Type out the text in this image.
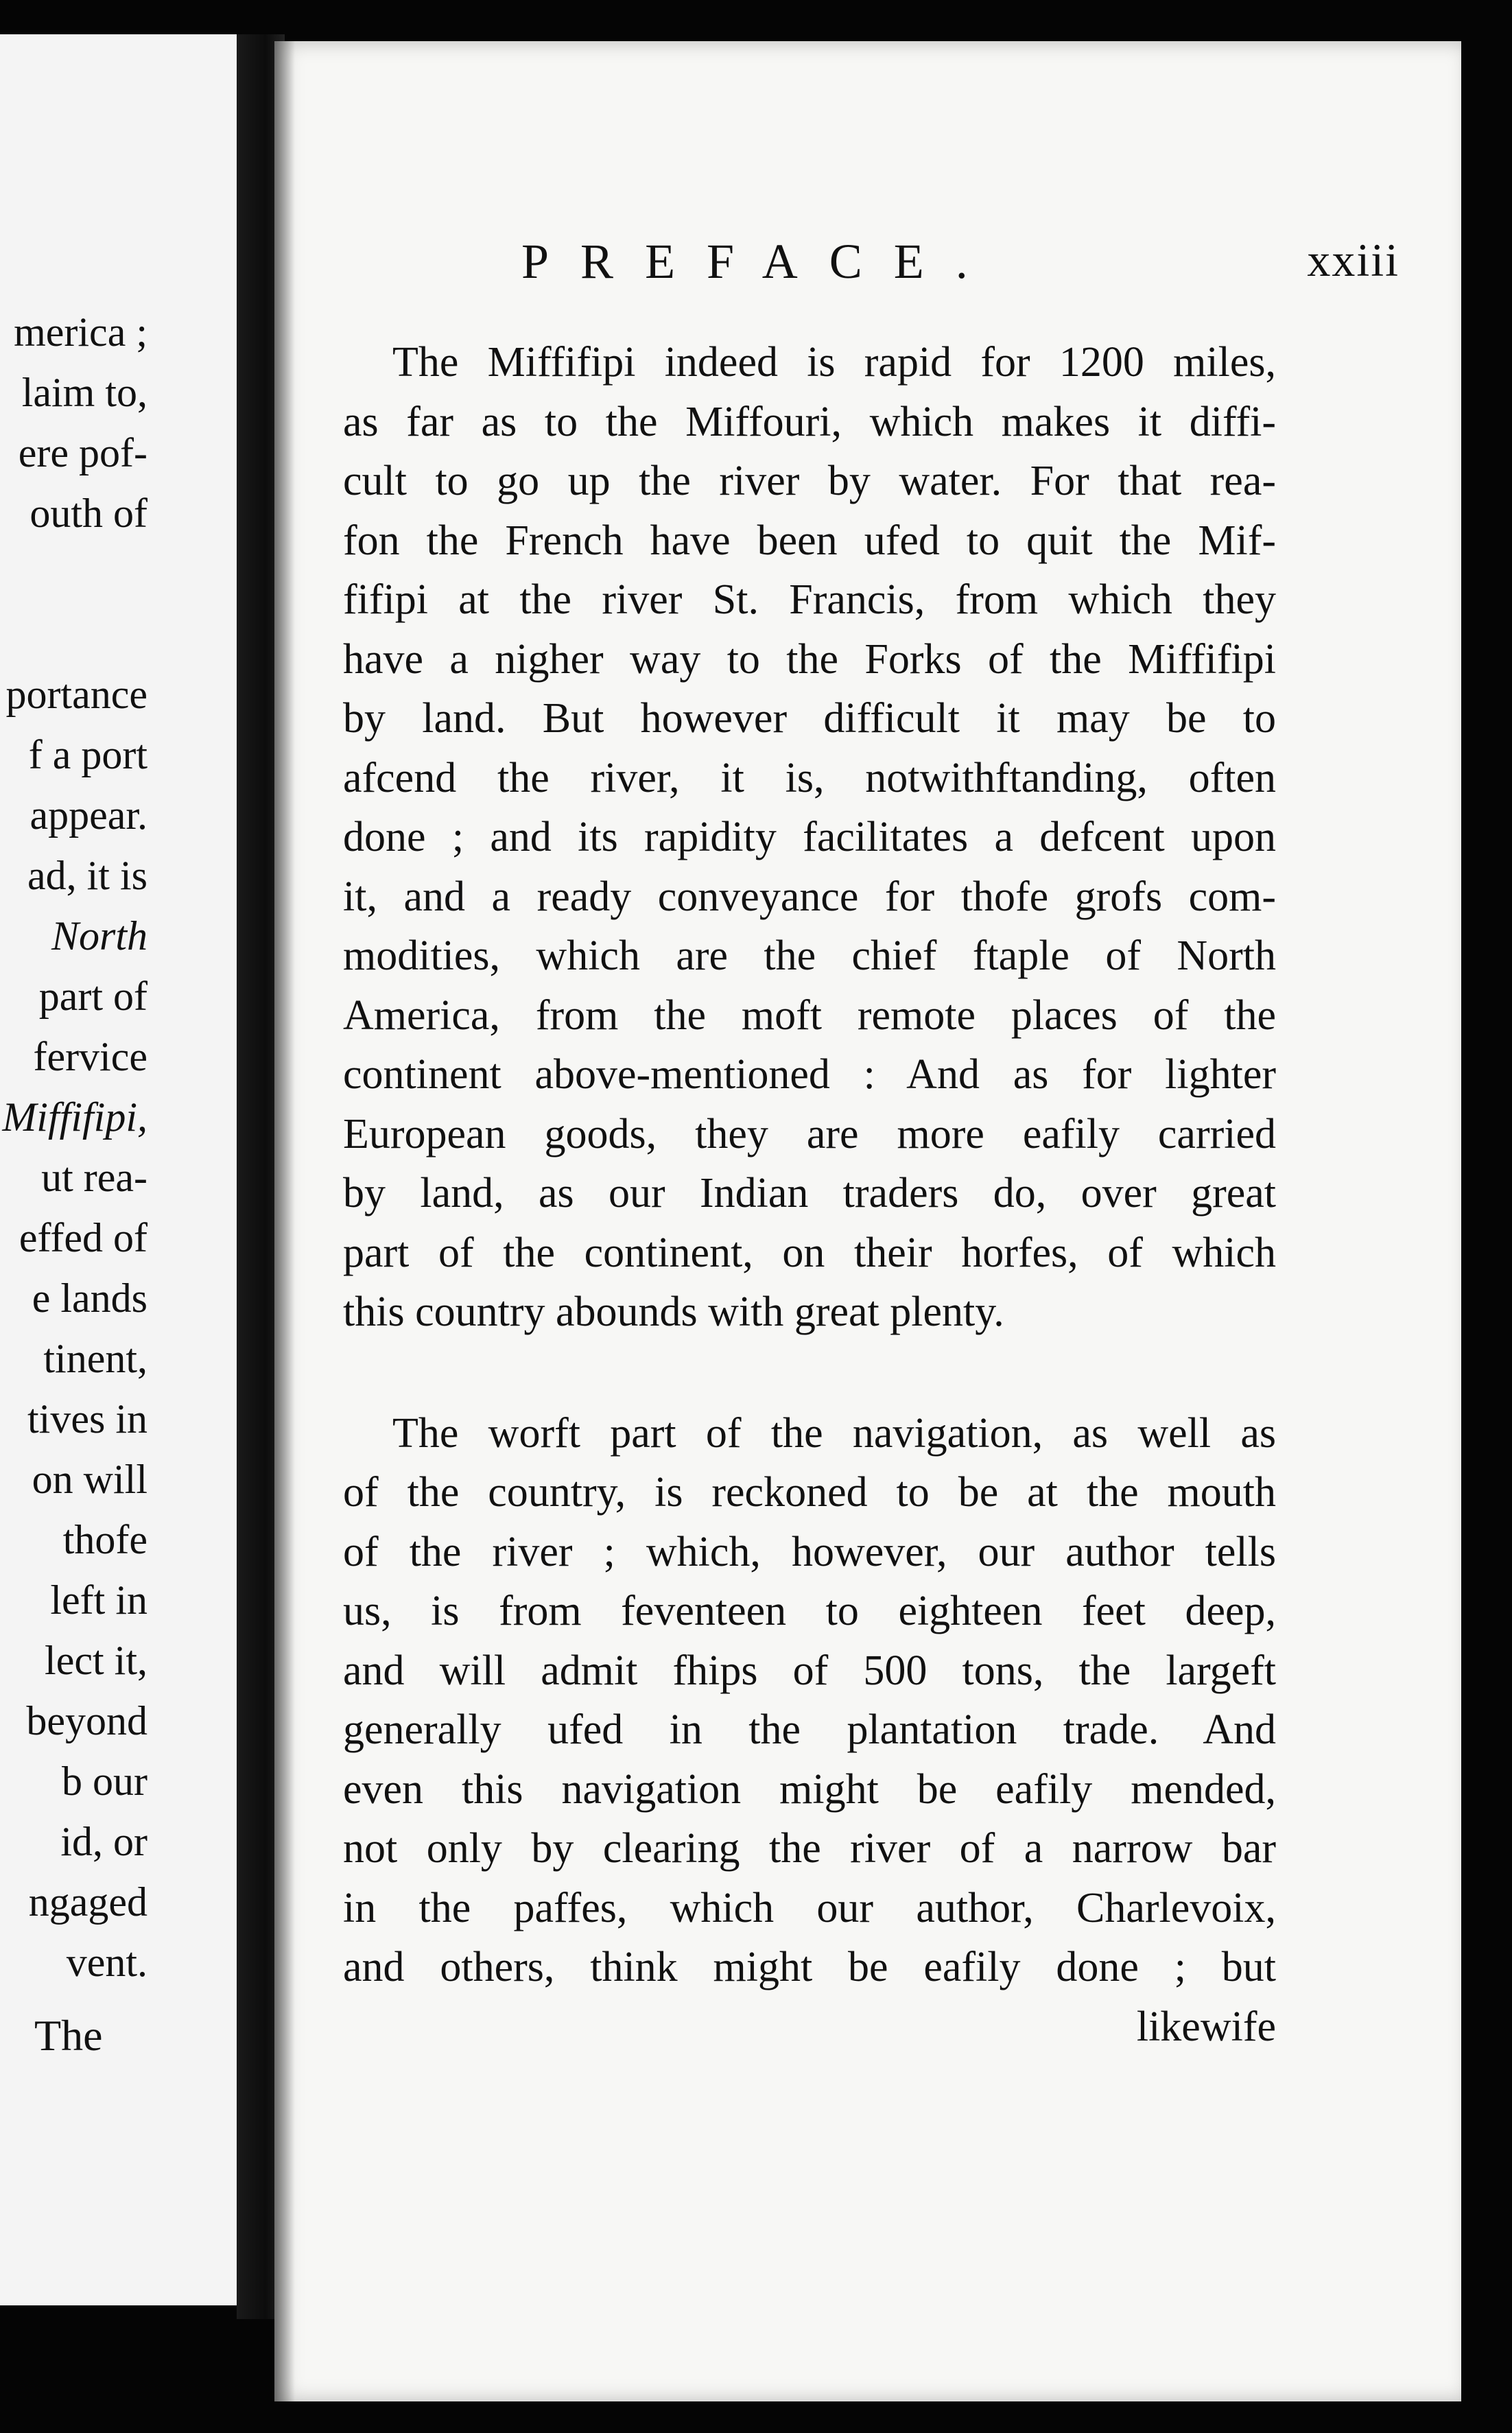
merica ;
laim to,
ere pof-
outh of
portance
f a port
appear.
ad, it is
North
part of
fervice
Miffifipi,
ut rea-
effed of
e lands
tinent,
tives in
on will
thofe
left in
lect it,
beyond
b our
id, or
ngaged
vent.
The
PREFACE.	xxiii
The Miffifipi indeed is rapid for 1200 miles,
as far as to the Miffouri, which makes it diffi-
cult to go up the river by water. For that rea-
fon the French have been ufed to quit the Mif-
fifipi at the river St. Francis, from which they
have a nigher way to the Forks of the Miffifipi
by land. But however difficult it may be to
afcend the river, it is, notwithftanding, often
done ; and its rapidity facilitates a defcent upon
it, and a ready conveyance for thofe grofs com-
modities, which are the chief ftaple of North
America, from the moft remote places of the
continent above-mentioned : And as for lighter
European goods, they are more eafily carried
by land, as our Indian traders do, over great
part of the continent, on their horfes, of which
this country abounds with great plenty.
The worft part of the navigation, as well as
of the country, is reckoned to be at the mouth
of the river ; which, however, our author tells
us, is from feventeen to eighteen feet deep,
and will admit fhips of 500 tons, the largeft
generally ufed in the plantation trade. And
even this navigation might be eafily mended,
not only by clearing the river of a narrow bar
in the paffes, which our author, Charlevoix,
and others, think might be eafily done ; but
likewife
